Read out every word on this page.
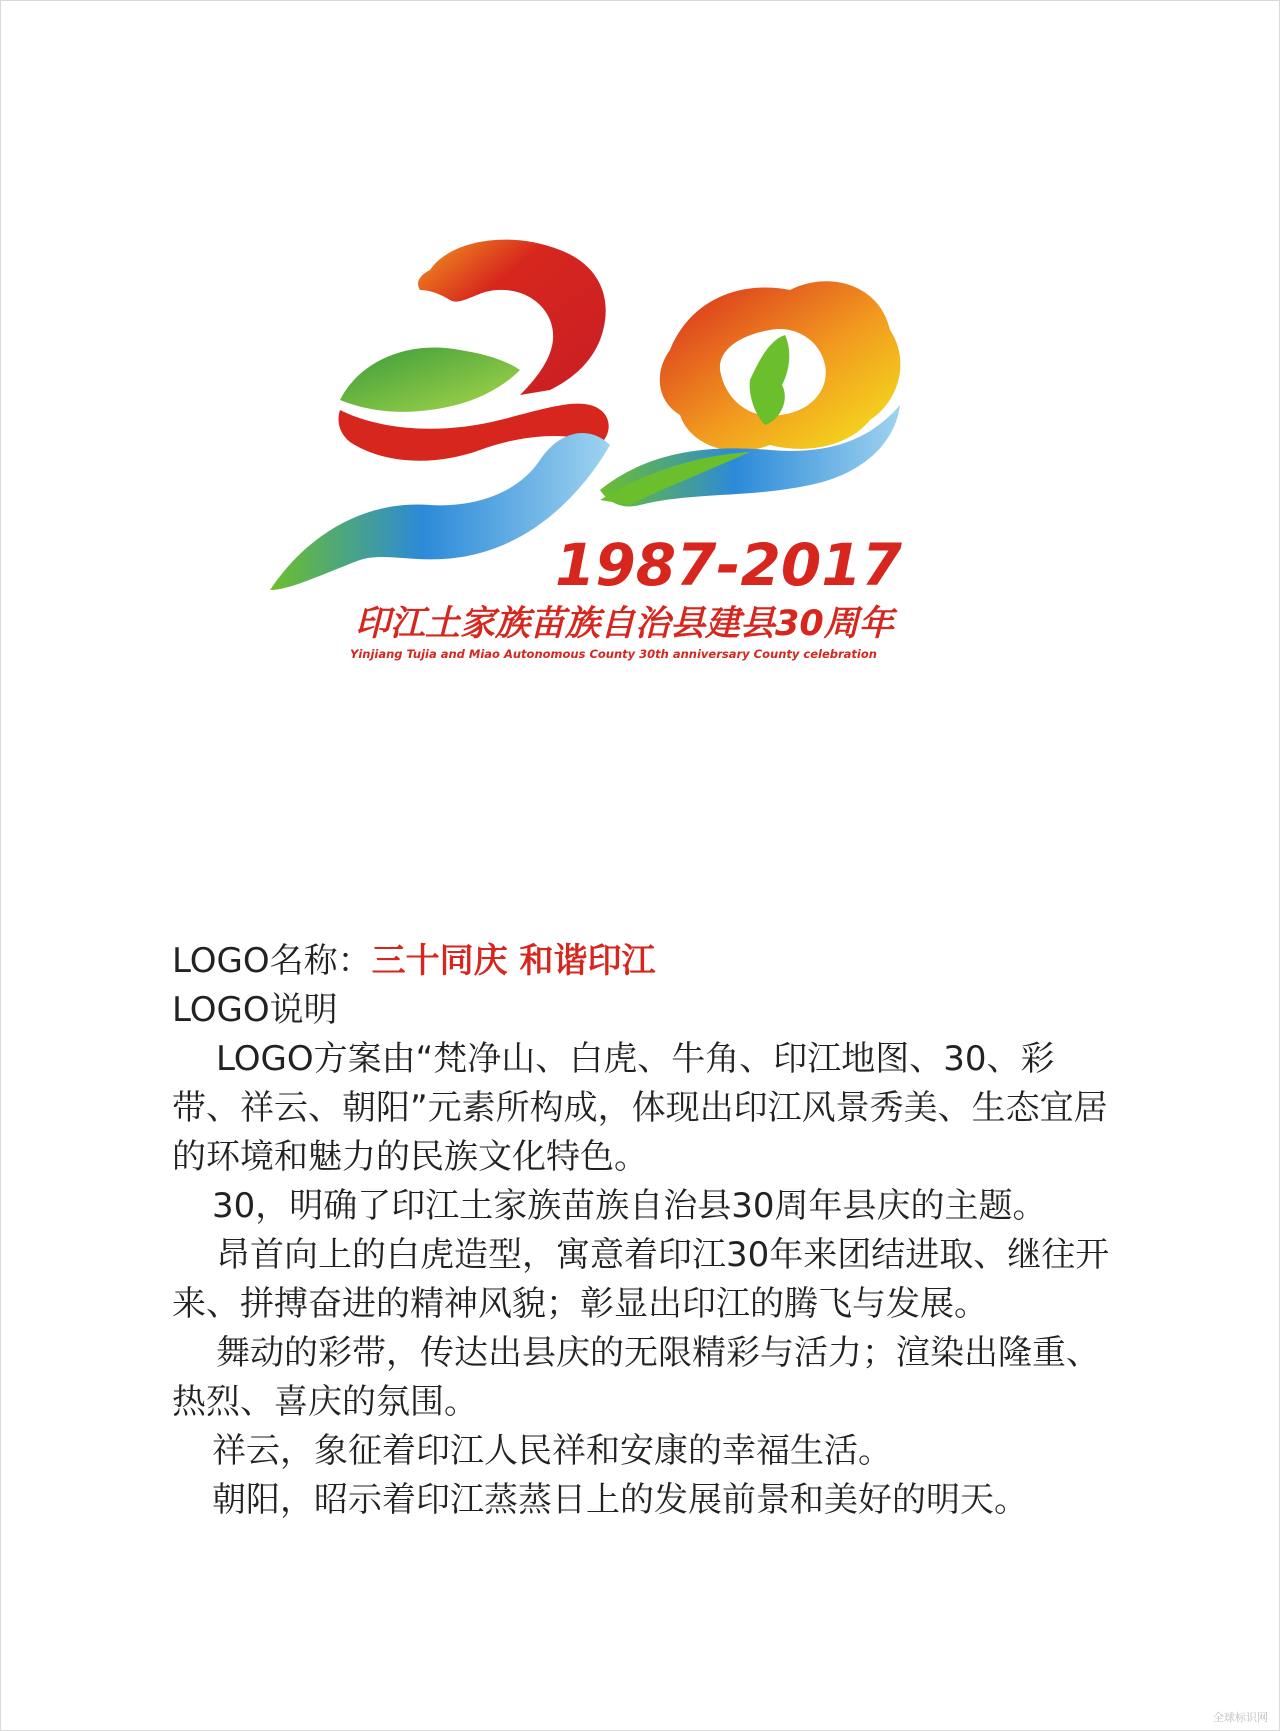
1987-2017
印江土家族苗族自治县建县30周年
Yinjiang Tujia and Miao Autonomous County 30th anniversary County celebration

LOGO名称：三十同庆 和谐印江

LOGO说明

LOGO方案由“梵净山、白虎、牛角、印江地图、30、彩带、祥云、朝阳”元素所构成，体现出印江风景秀美、生态宜居的环境和魅力的民族文化特色。

30，明确了印江土家族苗族自治县30周年县庆的主题。

昂首向上的白虎造型，寓意着印江30年来团结进取、继往开来、拼搏奋进的精神风貌；彰显出印江的腾飞与发展。

舞动的彩带，传达出县庆的无限精彩与活力；渲染出隆重、热烈、喜庆的氛围。

祥云，象征着印江人民祥和安康的幸福生活。

朝阳，昭示着印江蒸蒸日上的发展前景和美好的明天。

全球标识网
